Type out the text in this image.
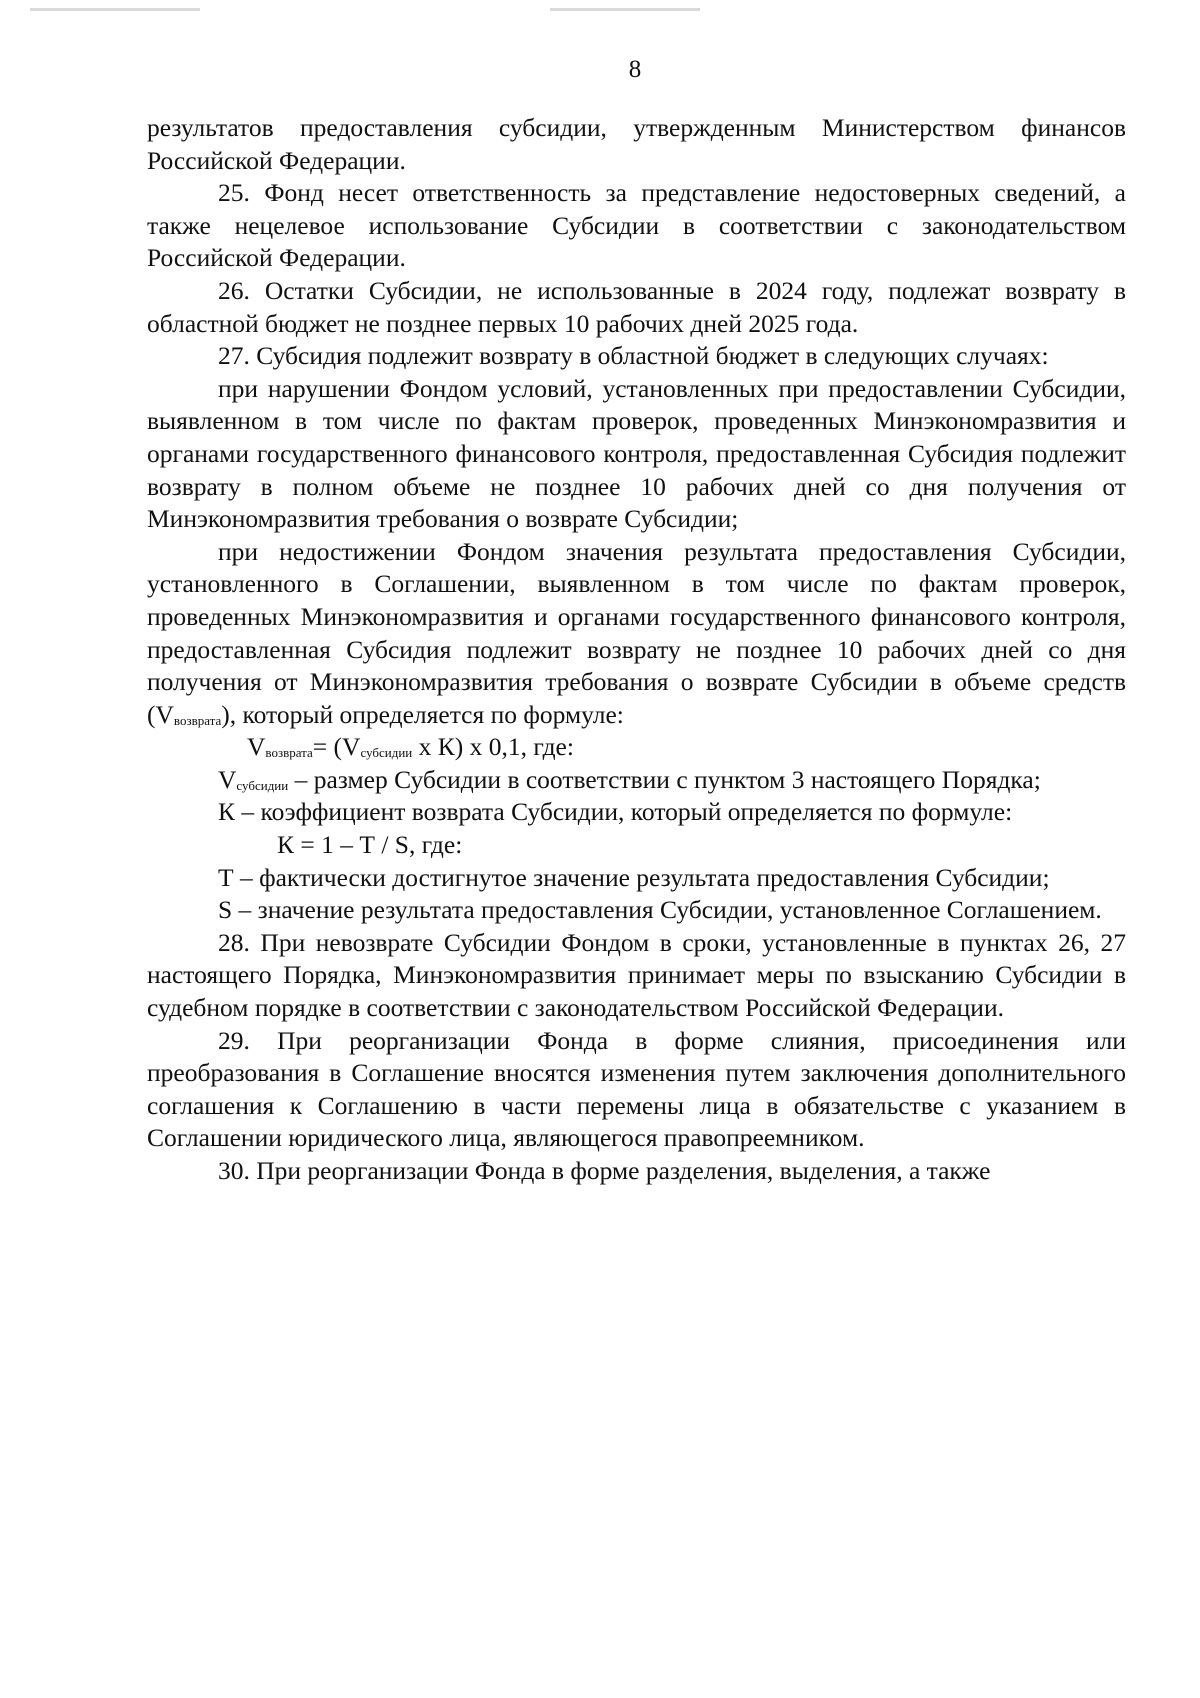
8

результатов предоставления субсидии, утвержденным Министерством финансов Российской Федерации.

25. Фонд несет ответственность за представление недостоверных сведений, а также нецелевое использование Субсидии в соответствии с законодательством Российской Федерации.

26. Остатки Субсидии, не использованные в 2024 году, подлежат возврату в областной бюджет не позднее первых 10 рабочих дней 2025 года.

27. Субсидия подлежит возврату в областной бюджет в следующих случаях:

при нарушении Фондом условий, установленных при предоставлении Субсидии, выявленном в том числе по фактам проверок, проведенных Минэкономразвития и органами государственного финансового контроля, предоставленная Субсидия подлежит возврату в полном объеме не позднее 10 рабочих дней со дня получения от Минэкономразвития требования о возврате Субсидии;

при недостижении Фондом значения результата предоставления Субсидии, установленного в Соглашении, выявленном в том числе по фактам проверок, проведенных Минэкономразвития и органами государственного финансового контроля, предоставленная Субсидия подлежит возврату не позднее 10 рабочих дней со дня получения от Минэкономразвития требования о возврате Субсидии в объеме средств $(V_{возврата})$, который определяется по формуле:

$V_{возврата}= (V_{субсидии}$ x К) x 0,1, где:

$V_{субсидии}$ – размер Субсидии в соответствии с пунктом 3 настоящего Порядка;

К – коэффициент возврата Субсидии, который определяется по формуле:

К = 1 – Т / S, где:

Т – фактически достигнутое значение результата предоставления Субсидии;

S – значение результата предоставления Субсидии, установленное Соглашением.

28. При невозврате Субсидии Фондом в сроки, установленные в пунктах 26, 27 настоящего Порядка, Минэкономразвития принимает меры по взысканию Субсидии в судебном порядке в соответствии с законодательством Российской Федерации.

29. При реорганизации Фонда в форме слияния, присоединения или преобразования в Соглашение вносятся изменения путем заключения дополнительного соглашения к Соглашению в части перемены лица в обязательстве с указанием в Соглашении юридического лица, являющегося правопреемником.

30. При реорганизации Фонда в форме разделения, выделения, а также
